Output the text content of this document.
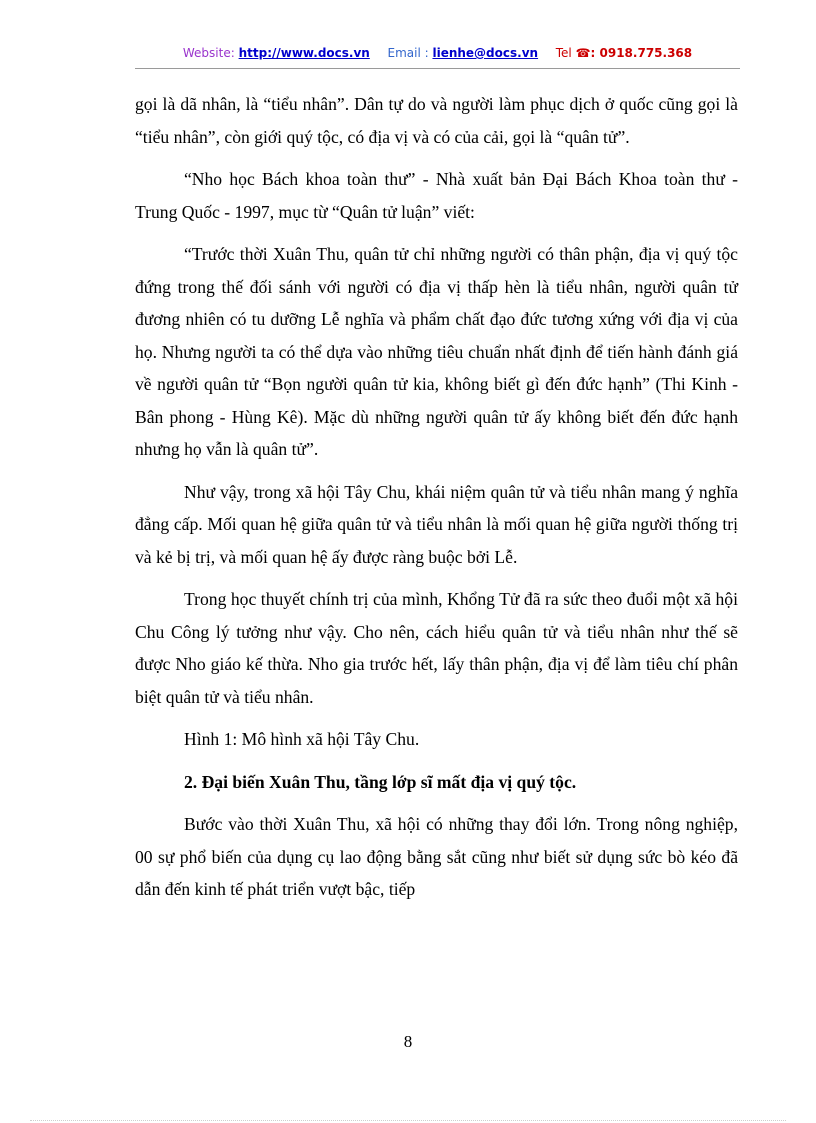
Website: http://www.docs.vn Email : lienhe@docs.vn Tel ☎: 0918.775.368

gọi là dã nhân, là “tiểu nhân”. Dân tự do và người làm phục dịch ở quốc cũng gọi là “tiểu nhân”, còn giới quý tộc, có địa vị và có của cải, gọi là “quân tử”.

“Nho học Bách khoa toàn thư” - Nhà xuất bản Đại Bách Khoa toàn thư - Trung Quốc - 1997, mục từ “Quân tử luận” viết:

“Trước thời Xuân Thu, quân tử chỉ những người có thân phận, địa vị quý tộc đứng trong thế đối sánh với người có địa vị thấp hèn là tiểu nhân, người quân tử đương nhiên có tu dưỡng Lễ nghĩa và phẩm chất đạo đức tương xứng với địa vị của họ. Nhưng người ta có thể dựa vào những tiêu chuẩn nhất định để tiến hành đánh giá về người quân tử “Bọn người quân tử kia, không biết gì đến đức hạnh” (Thi Kinh - Bân phong - Hùng Kê). Mặc dù những người quân tử ấy không biết đến đức hạnh nhưng họ vẫn là quân tử”.

Như vậy, trong xã hội Tây Chu, khái niệm quân tử và tiểu nhân mang ý nghĩa đẳng cấp. Mối quan hệ giữa quân tử và tiểu nhân là mối quan hệ giữa người thống trị và kẻ bị trị, và mối quan hệ ấy được ràng buộc bởi Lễ.

Trong học thuyết chính trị của mình, Khổng Tử đã ra sức theo đuổi một xã hội Chu Công lý tưởng như vậy. Cho nên, cách hiểu quân tử và tiểu nhân như thế sẽ được Nho giáo kế thừa. Nho gia trước hết, lấy thân phận, địa vị để làm tiêu chí phân biệt quân tử và tiểu nhân.

Hình 1: Mô hình xã hội Tây Chu.

2. Đại biến Xuân Thu, tầng lớp sĩ mất địa vị quý tộc.

Bước vào thời Xuân Thu, xã hội có những thay đổi lớn. Trong nông nghiệp, 00 sự phổ biến của dụng cụ lao động bằng sắt cũng như biết sử dụng sức bò kéo đã dẫn đến kinh tế phát triển vượt bậc, tiếp

8
